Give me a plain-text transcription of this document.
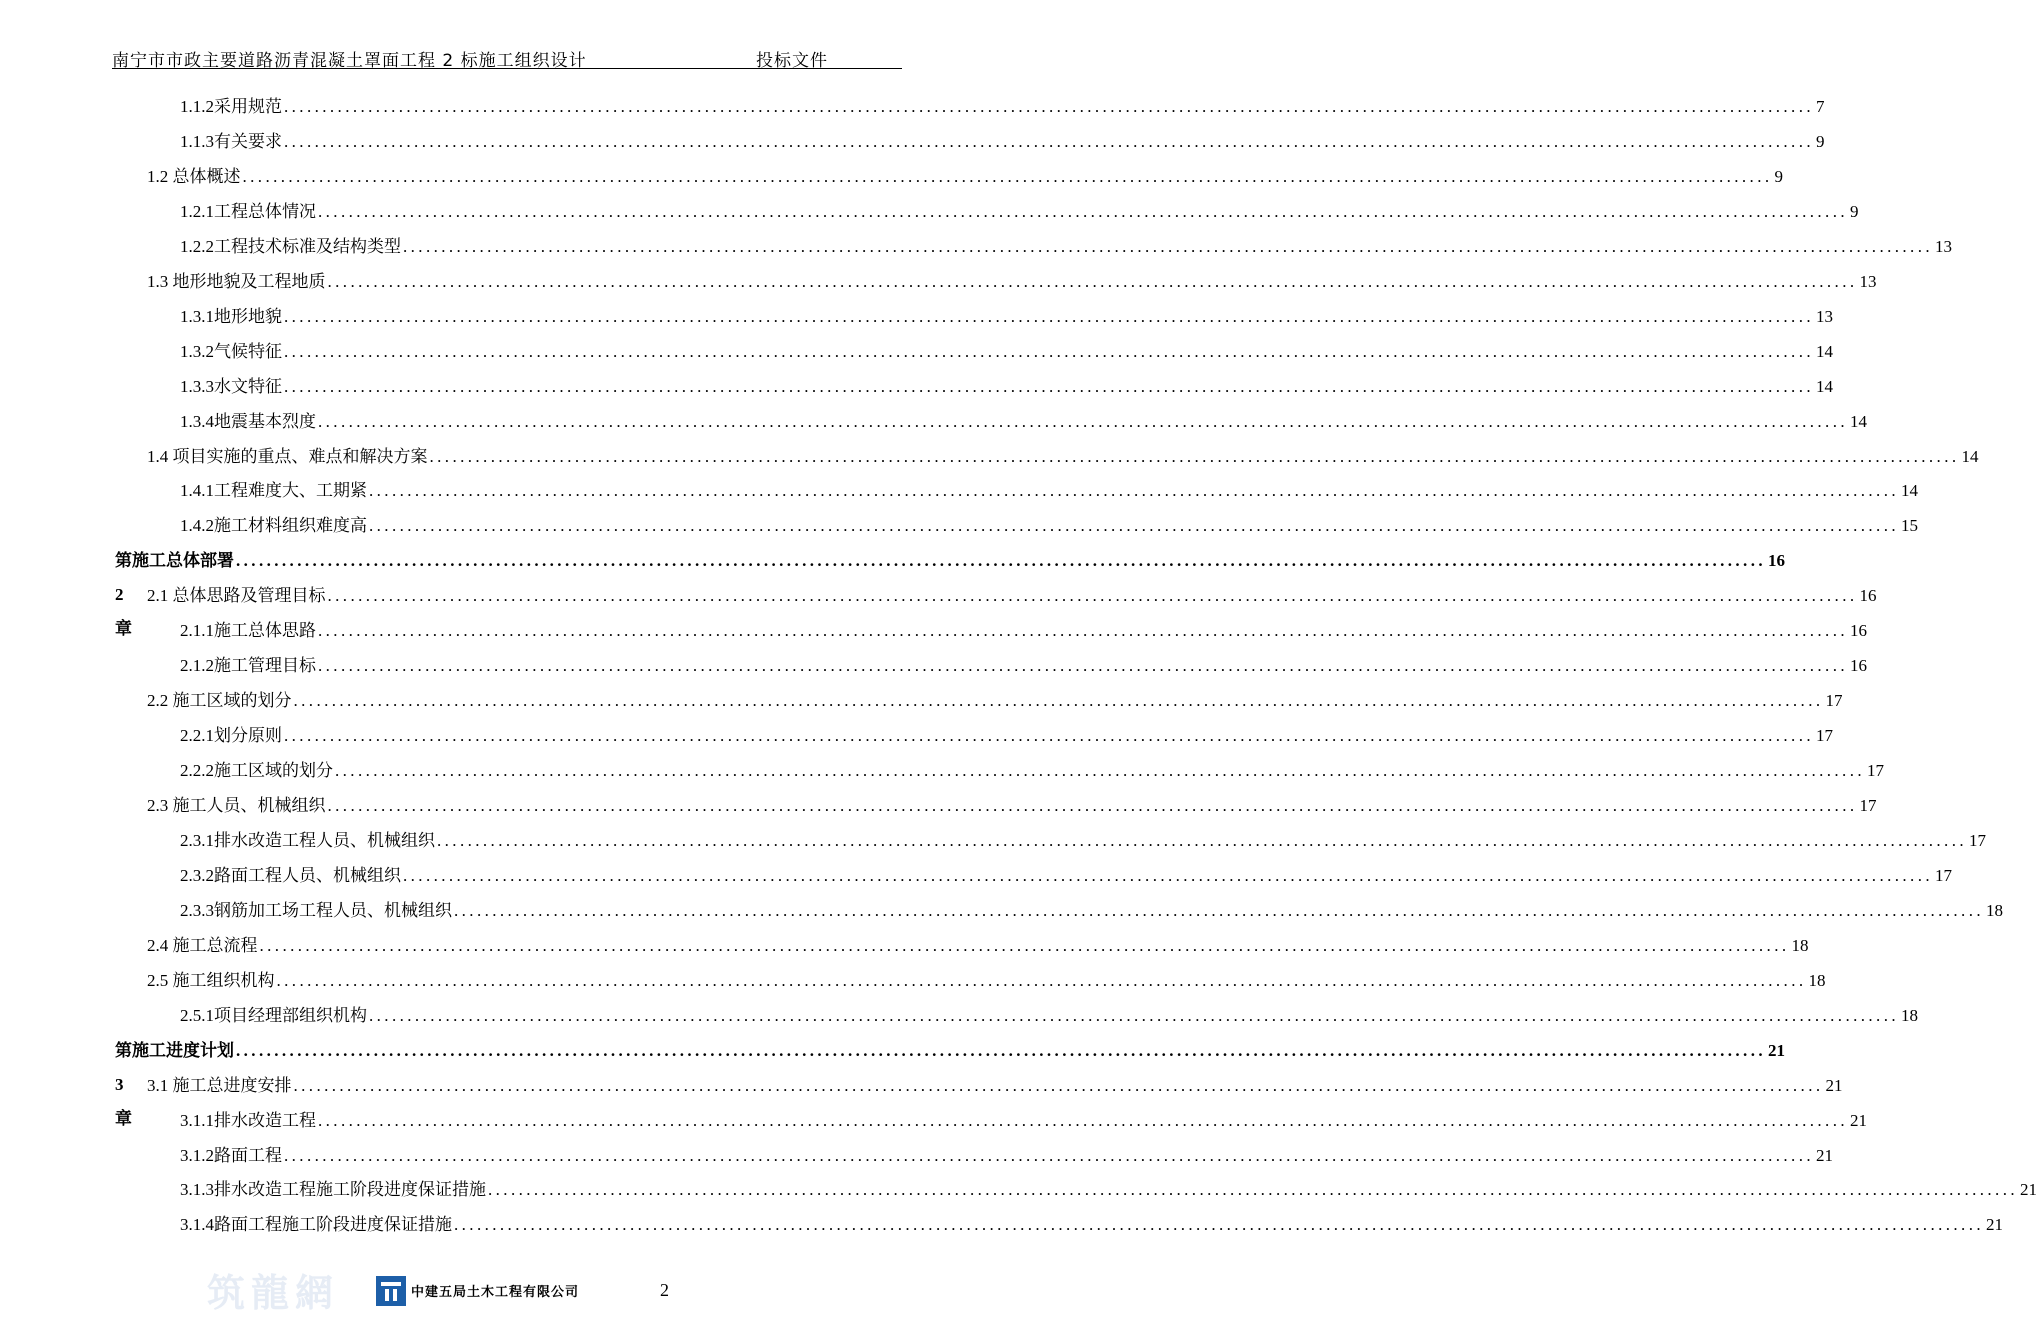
南宁市市政主要道路沥青混凝土罩面工程 2 标施工组织设计	投标文件
1.1.2 采用规范 ........................................................................................................................................................................................................ 7
1.1.3 有关要求 ........................................................................................................................................................................................................ 9
1.2 总体概述 ........................................................................................................................................................................................................ 9
1.2.1 工程总体情况 ........................................................................................................................................................................................................ 9
1.2.2 工程技术标准及结构类型 ........................................................................................................................................................................................................ 13
1.3 地形地貌及工程地质 ........................................................................................................................................................................................................ 13
1.3.1 地形地貌 ........................................................................................................................................................................................................ 13
1.3.2 气候特征 ........................................................................................................................................................................................................ 14
1.3.3 水文特征 ........................................................................................................................................................................................................ 14
1.3.4 地震基本烈度 ........................................................................................................................................................................................................ 14
1.4 项目实施的重点、难点和解决方案 ........................................................................................................................................................................................................ 14
1.4.1 工程难度大、工期紧 ........................................................................................................................................................................................................ 14
1.4.2 施工材料组织难度高 ........................................................................................................................................................................................................ 15
第 2 章
施工总体部署 ........................................................................................................................................................................................................ 16
2.1 总体思路及管理目标 ........................................................................................................................................................................................................ 16
2.1.1 施工总体思路 ........................................................................................................................................................................................................ 16
2.1.2 施工管理目标 ........................................................................................................................................................................................................ 16
2.2 施工区域的划分 ........................................................................................................................................................................................................ 17
2.2.1 划分原则 ........................................................................................................................................................................................................ 17
2.2.2 施工区域的划分 ........................................................................................................................................................................................................ 17
2.3 施工人员、机械组织 ........................................................................................................................................................................................................ 17
2.3.1 排水改造工程人员、机械组织 ........................................................................................................................................................................................................ 17
2.3.2 路面工程人员、机械组织 ........................................................................................................................................................................................................ 17
2.3.3 钢筋加工场工程人员、机械组织 ........................................................................................................................................................................................................ 18
2.4 施工总流程 ........................................................................................................................................................................................................ 18
2.5 施工组织机构 ........................................................................................................................................................................................................ 18
2.5.1 项目经理部组织机构 ........................................................................................................................................................................................................ 18
第 3 章
施工进度计划 ........................................................................................................................................................................................................ 21
3.1 施工总进度安排 ........................................................................................................................................................................................................ 21
3.1.1 排水改造工程 ........................................................................................................................................................................................................ 21
3.1.2 路面工程 ........................................................................................................................................................................................................ 21
3.1.3 排水改造工程施工阶段进度保证措施 ........................................................................................................................................................................................................ 21
3.1.4 路面工程施工阶段进度保证措施 ........................................................................................................................................................................................................ 21
筑龍網	中建五局土木工程有限公司	2
